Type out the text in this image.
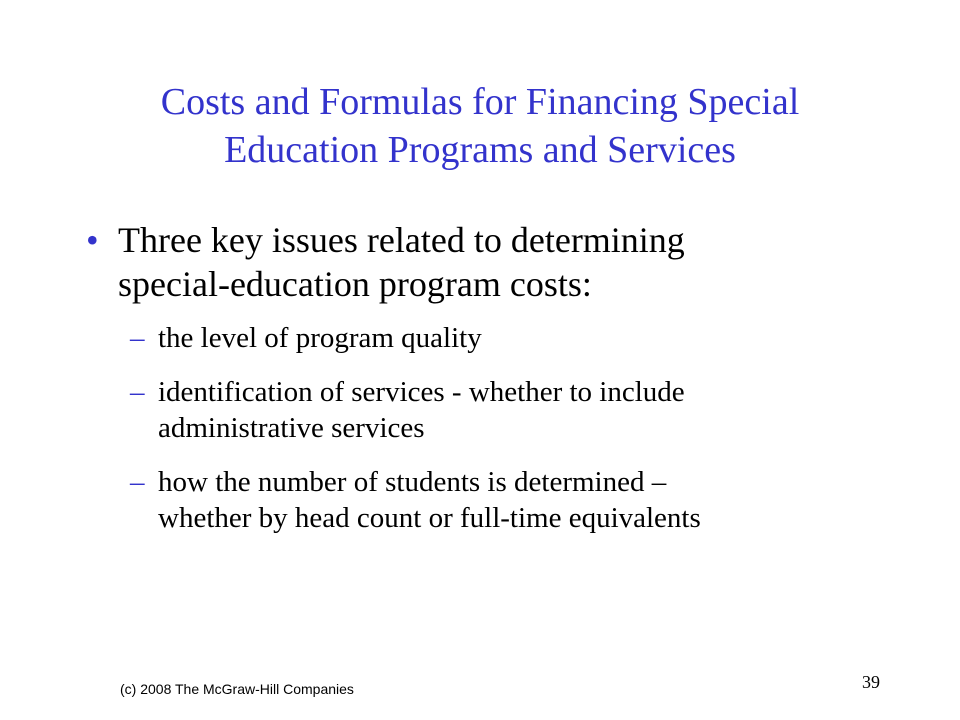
Costs and Formulas for Financing Special
Education Programs and Services
• Three key issues related to determining
special-education program costs:
– the level of program quality
– identification of services - whether to include
administrative services
– how the number of students is determined –
whether by head count or full-time equivalents
(c) 2008 The McGraw-Hill Companies	39
